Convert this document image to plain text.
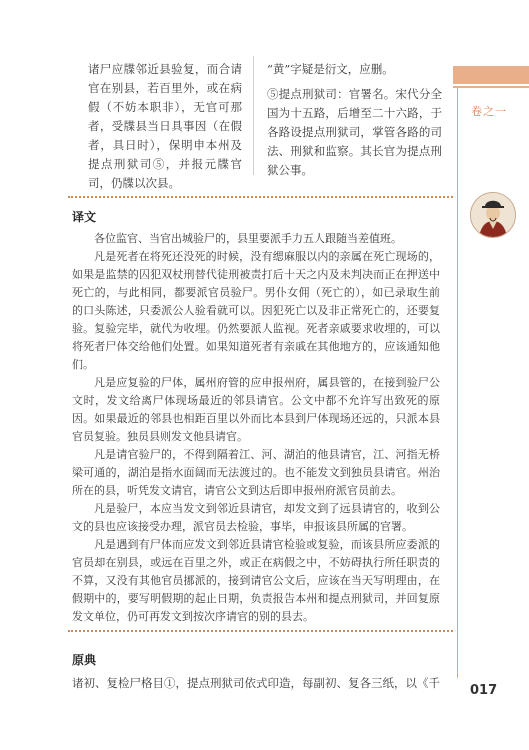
诸尸应牒邻近县验复，而合请官在别县，若百里外，或在病假（不妨本职非），无官可那者，受牒县当日具事因（在假者，具日时），保明申本州及提点刑狱司⑤，并报元牒官司，仍牒以次县。

“黄”字疑是衍文，应删。

⑤提点刑狱司：官署名。宋代分全国为十五路，后增至二十六路，于各路设提点刑狱司，掌管各路的司法、刑狱和监察。其长官为提点刑狱公事。

卷之一
译文

各位监官、当官出城验尸的，县里要派手力五人跟随当差值班。

凡是死者在将死还没死的时候，没有缌麻服以内的亲属在死亡现场的，如果是监禁的囚犯双杖刑替代徒刑被责打后十天之内及未判决而正在押送中死亡的，与此相同，都要派官员验尸。男仆女佣（死亡的），如已录取生前的口头陈述，只委派公人验看就可以。因犯死亡以及非正常死亡的，还要复验。复验完毕，就代为收埋。仍然要派人监视。死者亲戚要求收埋的，可以将死者尸体交给他们处置。如果知道死者有亲戚在其他地方的，应该通知他们。

凡是应复验的尸体，属州府管的应申报州府，属县管的，在接到验尸公文时，发文给离尸体现场最近的邻县请官。公文中都不允许写出致死的原因。如果最近的邻县也相距百里以外而比本县到尸体现场还远的，只派本县官员复验。独员县则发文他县请官。

凡是请官验尸的，不得到隔着江、河、湖泊的他县请官，江、河指无桥梁可通的，湖泊是指水面阔而无法渡过的。也不能发文到独员县请官。州治所在的县，听凭发文请官，请官公文到达后即申报州府派官员前去。

凡是验尸，本应当发文到邻近县请官，却发文到了远县请官的，收到公文的县也应该接受办理，派官员去检验，事毕，申报该县所属的官署。

凡是遇到有尸体而应发文到邻近县请官检验或复验，而该县所应委派的官员却在别县，或远在百里之外，或正在病假之中，不妨碍执行所任职责的不算，又没有其他官员挪派的，接到请官公文后，应该在当天写明理由，在假期中的，要写明假期的起止日期，负责报告本州和提点刑狱司，并回复原发文单位，仍可再发文到按次序请官的别的县去。

原典
诸初、复检尸格目①，提点刑狱司依式印造，每副初、复各三纸，以《千	017
